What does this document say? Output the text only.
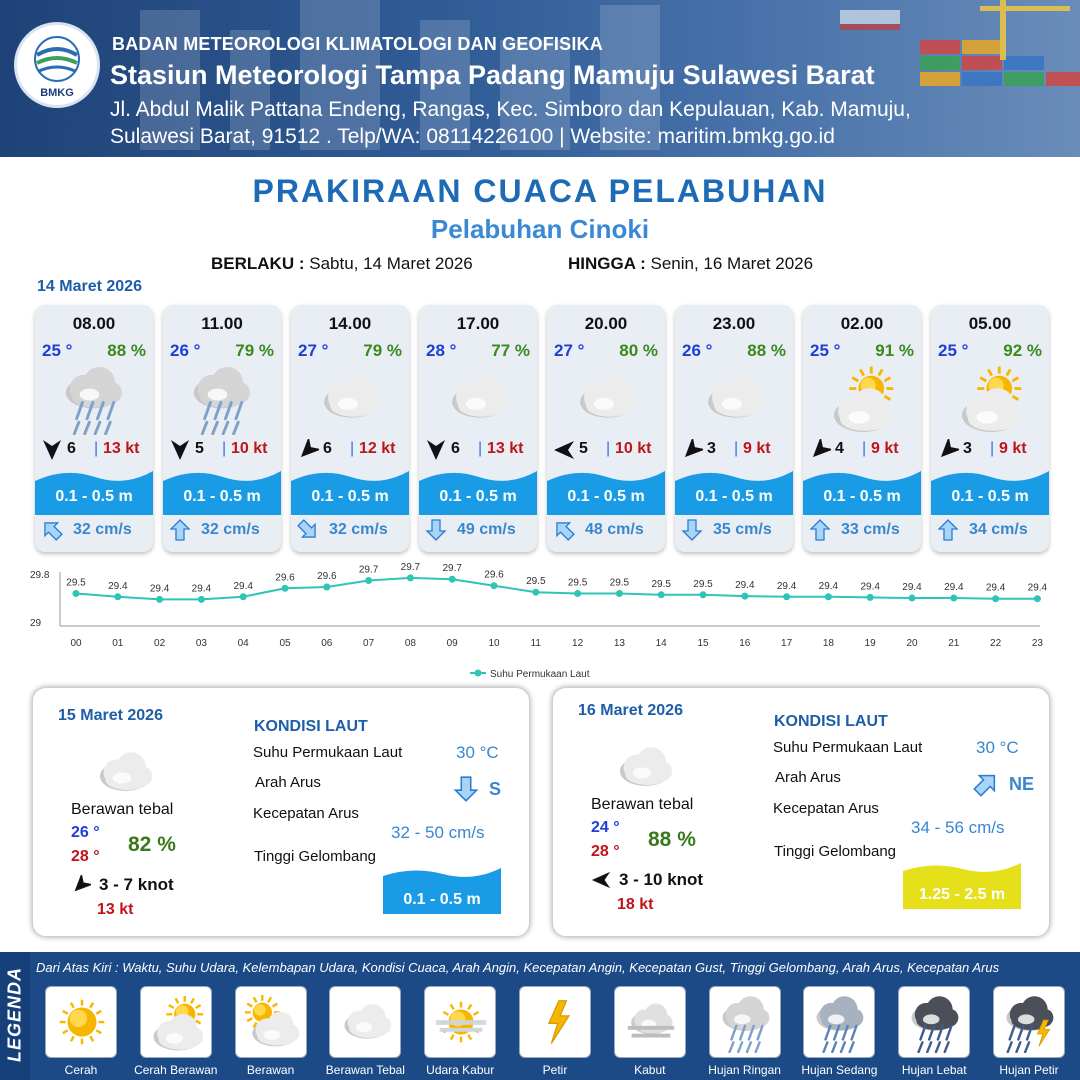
BMKG
BADAN METEOROLOGI KLIMATOLOGI DAN GEOFISIKA
Stasiun Meteorologi Tampa Padang Mamuju Sulawesi Barat
Jl. Abdul Malik Pattana Endeng, Rangas, Kec. Simboro dan Kepulauan, Kab. Mamuju,
Sulawesi Barat, 91512 . Telp/WA: 08114226100 | Website: maritim.bmkg.go.id
PRAKIRAAN CUACA PELABUHAN
Pelabuhan Cinoki
BERLAKU : Sabtu, 14 Maret 2026	HINGGA : Senin, 16 Maret 2026
14 Maret 2026
08.00
25 ° 88 %
6 | 13 kt
0.1 - 0.5 m
32 cm/s
11.00
26 ° 79 %
5 | 10 kt
0.1 - 0.5 m
32 cm/s
14.00
27 ° 79 %
6 | 12 kt
0.1 - 0.5 m
32 cm/s
17.00
28 ° 77 %
6 | 13 kt
0.1 - 0.5 m
49 cm/s
20.00
27 ° 80 %
5 | 10 kt
0.1 - 0.5 m
48 cm/s
23.00
26 ° 88 %
3 | 9 kt
0.1 - 0.5 m
35 cm/s
02.00
25 ° 91 %
4 | 9 kt
0.1 - 0.5 m
33 cm/s
05.00
25 ° 92 %
3 | 9 kt
0.1 - 0.5 m
34 cm/s
29.8
29
29.5
00
29.4
01
29.4
02
29.4
03
29.4
04
29.6
05
29.6
06
29.7
07
29.7
08
29.7
09
29.6
10
29.5
11
29.5
12
29.5
13
29.5
14
29.5
15
29.4
16
29.4
17
29.4
18
29.4
19
29.4
20
29.4
21
29.4
22
29.4
23
Suhu Permukaan Laut
15 Maret 2026
Berawan tebal
26 °
28 °
82 %
3 - 7 knot
13 kt
KONDISI LAUT
Suhu Permukaan Laut	30 °C
Arah Arus	S
Kecepatan Arus
32 - 50 cm/s
Tinggi Gelombang
0.1 - 0.5 m
16 Maret 2026
Berawan tebal
24 °
28 °
88 %
3 - 10 knot
18 kt
KONDISI LAUT
Suhu Permukaan Laut	30 °C
Arah Arus	NE
Kecepatan Arus
34 - 56 cm/s
Tinggi Gelombang
1.25 - 2.5 m
LEGENDA Dari Atas Kiri : Waktu, Suhu Udara, Kelembapan Udara, Kondisi Cuaca, Arah Angin, Kecepatan Angin, Kecepatan Gust, Tinggi Gelombang, Arah Arus, Kecepatan Arus
Cerah	Cerah Berawan	Berawan	Berawan Tebal	Udara Kabur	Petir	Kabut	Hujan Ringan	Hujan Sedang	Hujan Lebat	Hujan Petir
